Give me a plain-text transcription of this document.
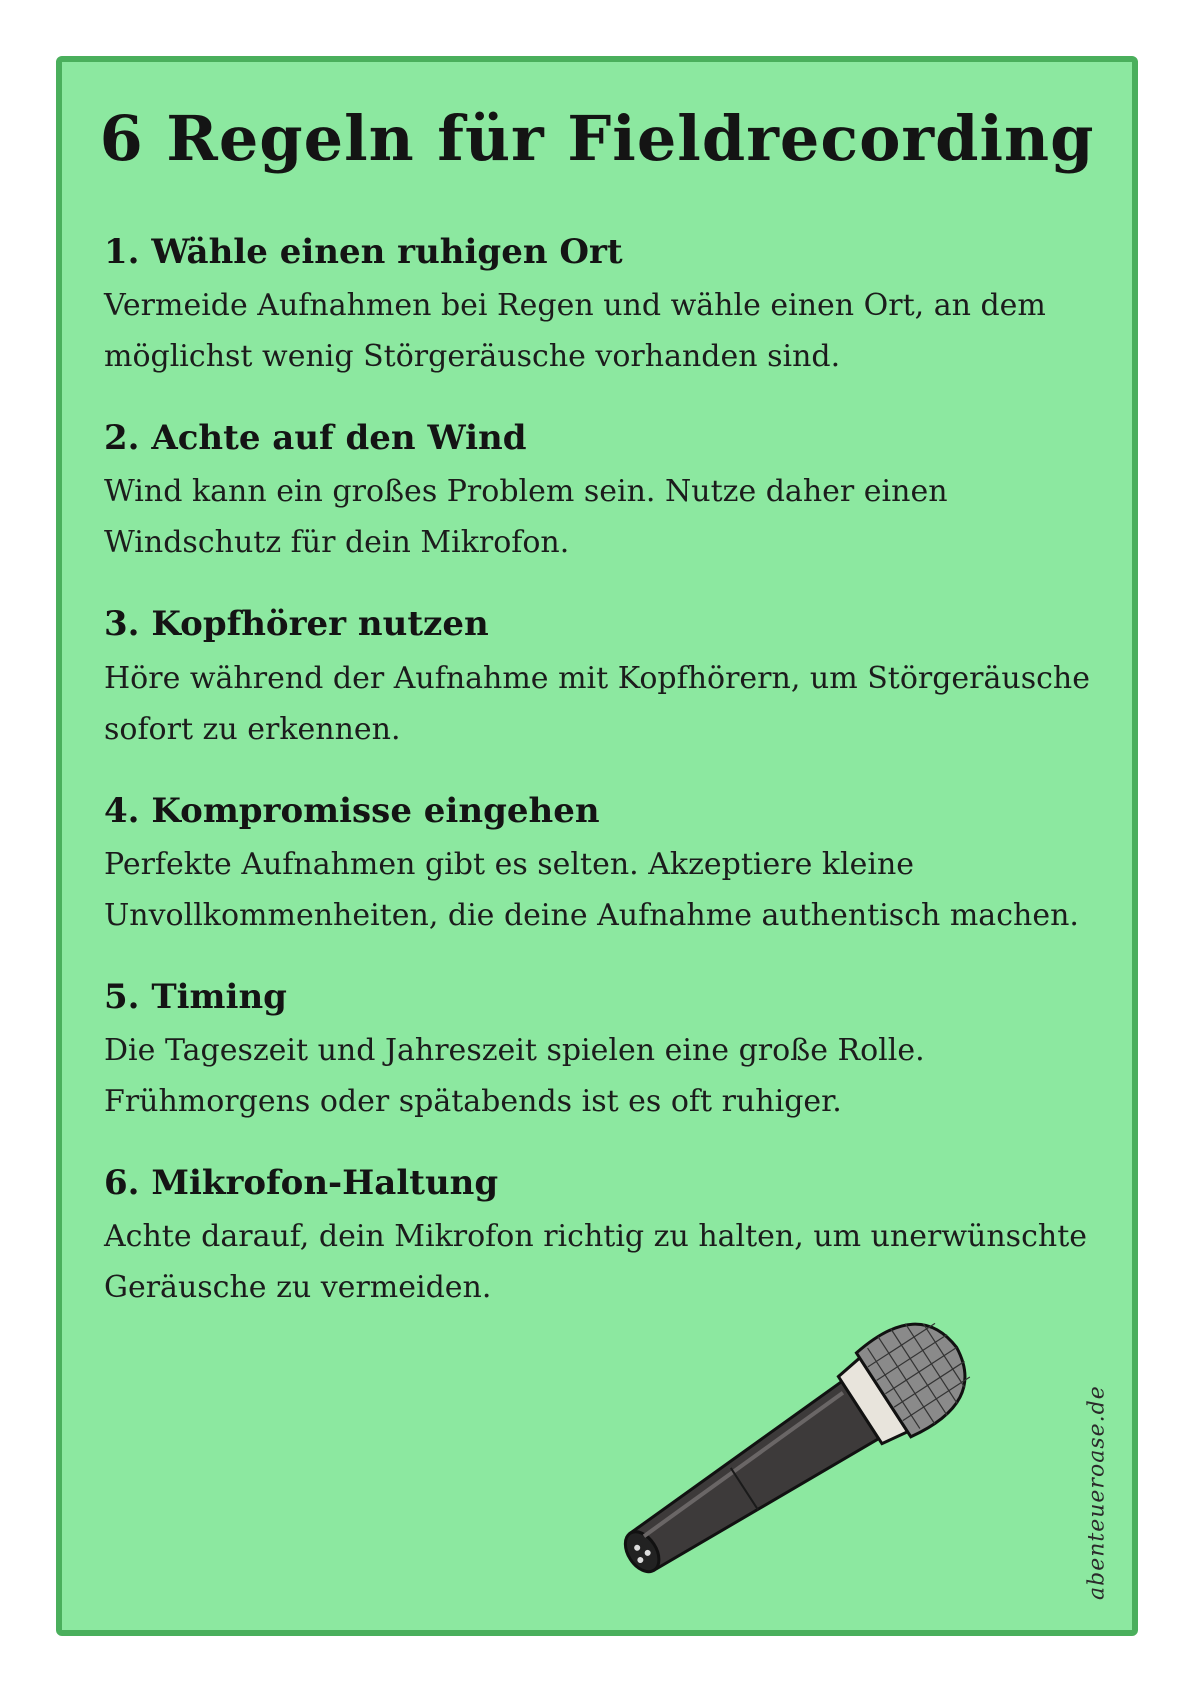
6 Regeln für Fieldrecording

1. Wähle einen ruhigen Ort

Vermeide Aufnahmen bei Regen und wähle einen Ort, an dem möglichst wenig Störgeräusche vorhanden sind.

2. Achte auf den Wind

Wind kann ein großes Problem sein. Nutze daher einen Windschutz für dein Mikrofon.

3. Kopfhörer nutzen

Höre während der Aufnahme mit Kopfhörern, um Störgeräusche sofort zu erkennen.

4. Kompromisse eingehen

Perfekte Aufnahmen gibt es selten. Akzeptiere kleine Unvollkommenheiten, die deine Aufnahme authentisch machen.

5. Timing

Die Tageszeit und Jahreszeit spielen eine große Rolle. Frühmorgens oder spätabends ist es oft ruhiger.

6. Mikrofon-Haltung

Achte darauf, dein Mikrofon richtig zu halten, um unerwünschte Geräusche zu vermeiden.

abenteueroase.de
